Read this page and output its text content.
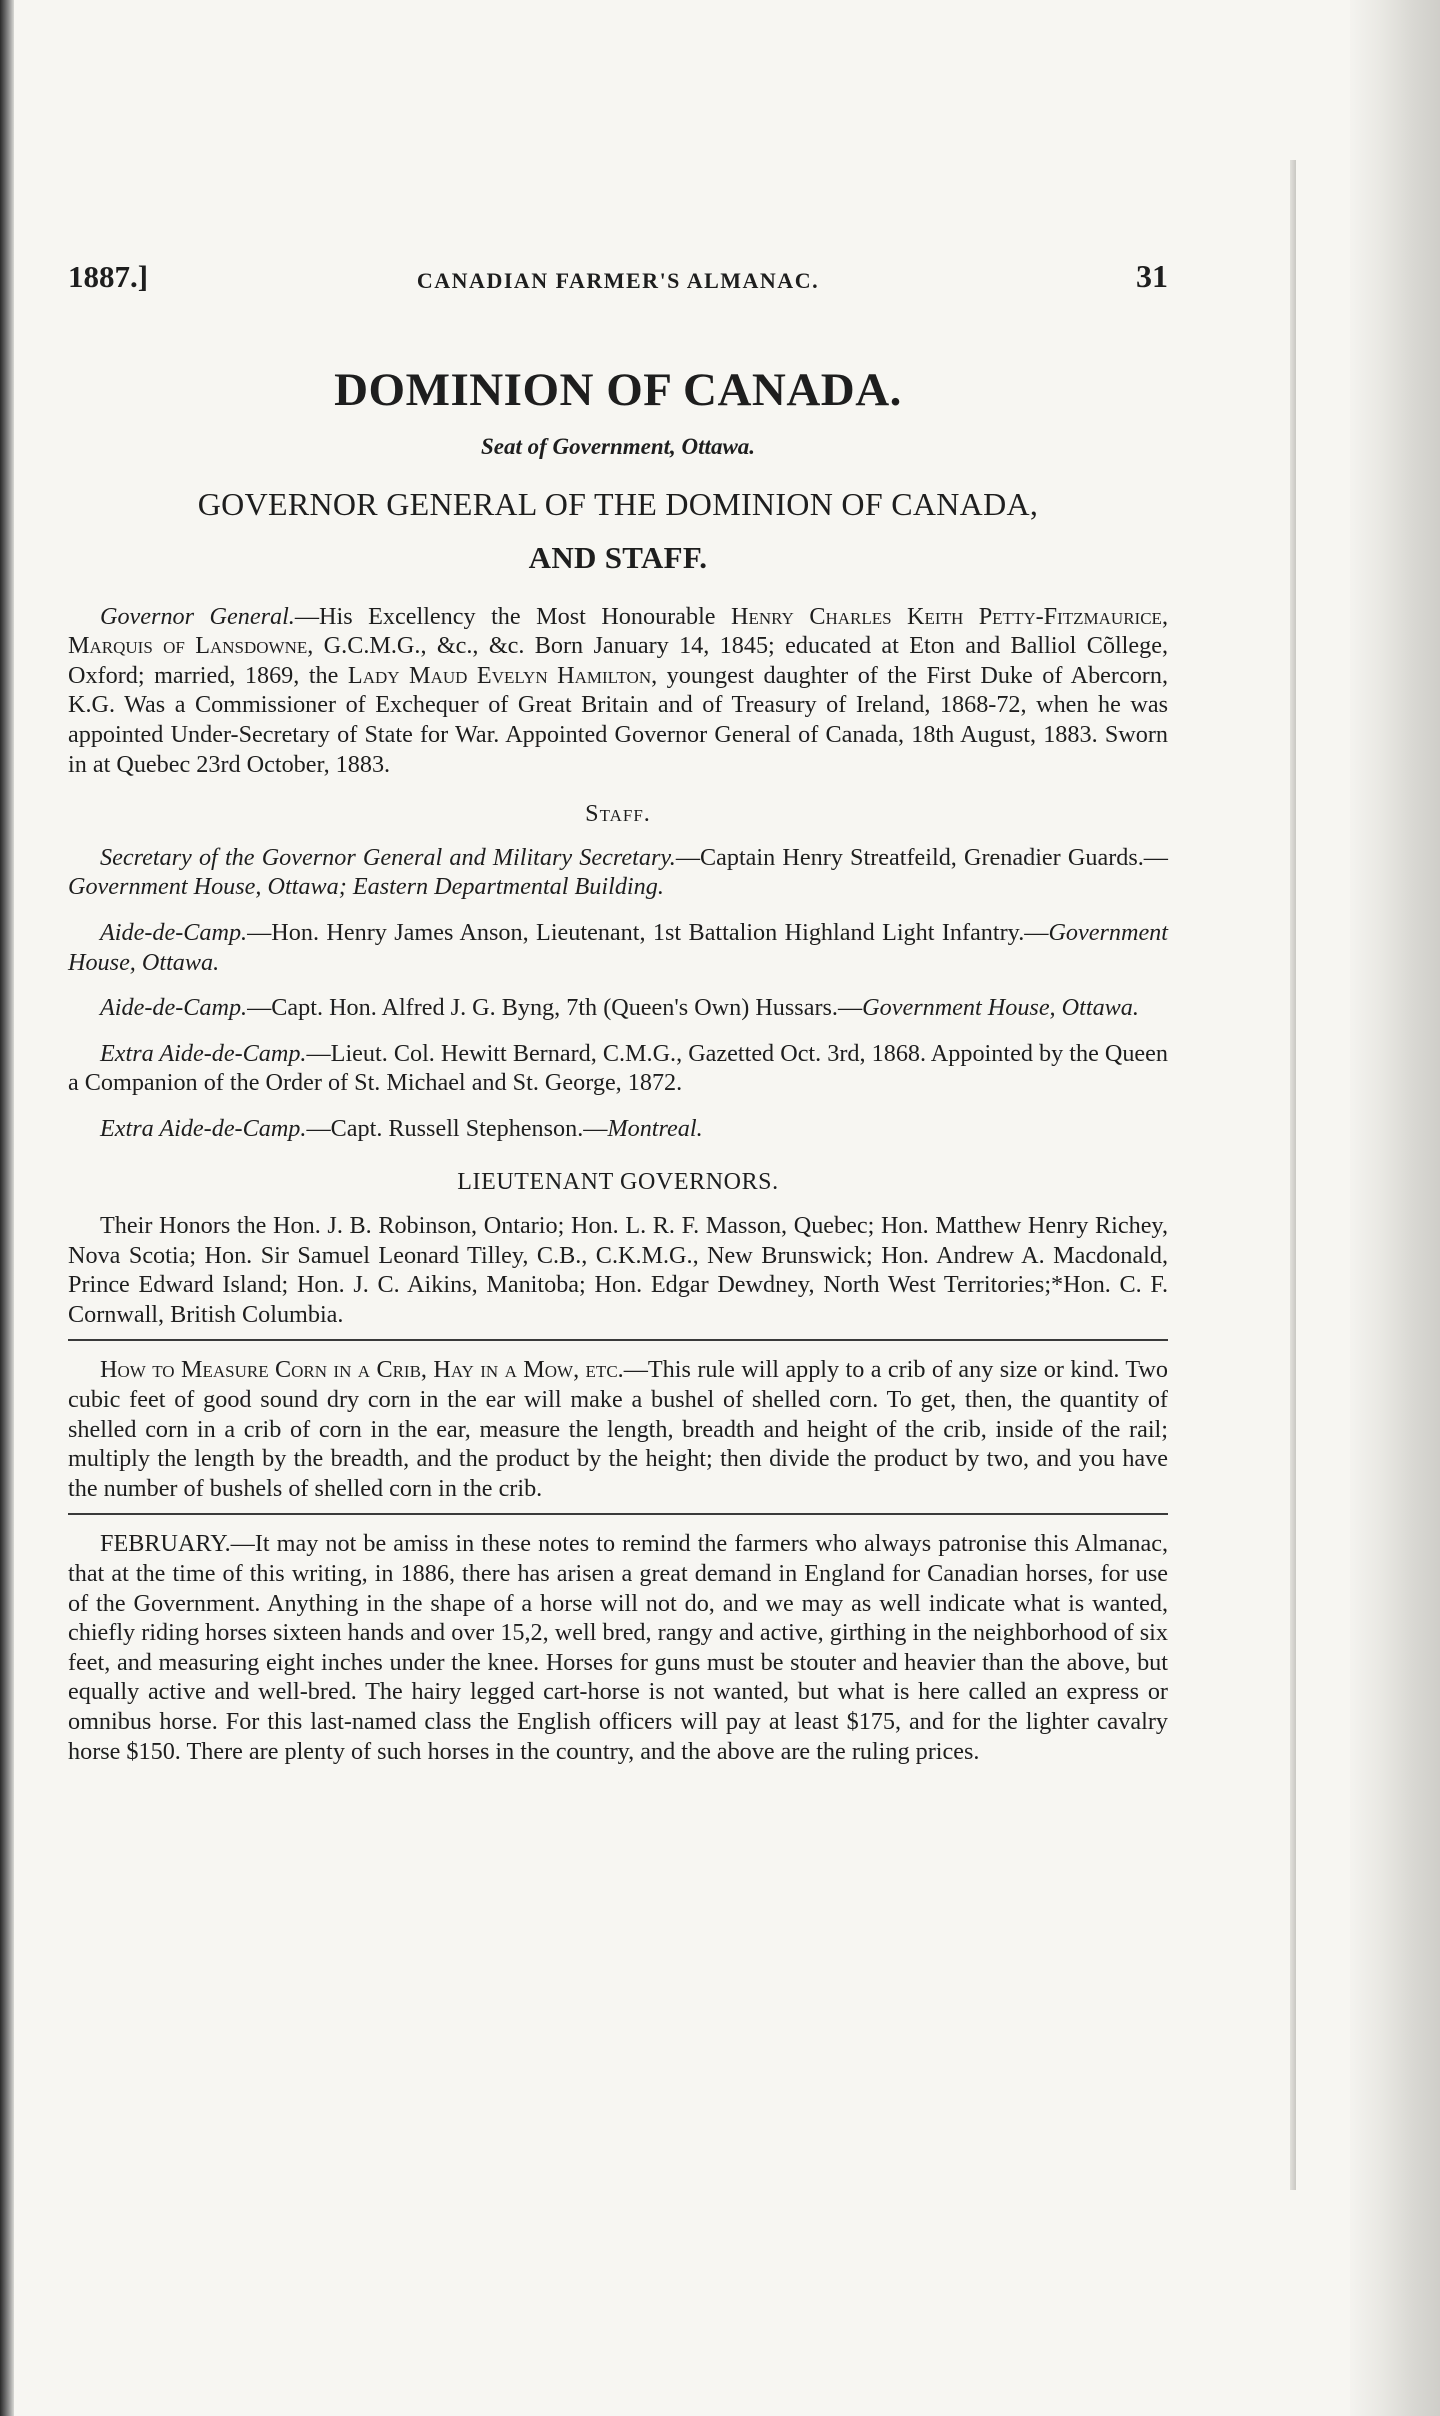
1887.]	CANADIAN FARMER'S ALMANAC.	31
DOMINION OF CANADA.
Seat of Government, Ottawa.
GOVERNOR GENERAL OF THE DOMINION OF CANADA,
AND STAFF.

Governor General.—His Excellency the Most Honourable Henry Charles Keith Petty-Fitzmaurice, Marquis of Lansdowne, G.C.M.G., &c., &c. Born January 14, 1845; educated at Eton and Balliol Cõllege, Oxford; married, 1869, the Lady Maud Evelyn Hamilton, youngest daughter of the First Duke of Abercorn, K.G. Was a Commissioner of Exchequer of Great Britain and of Treasury of Ireland, 1868-72, when he was appointed Under-Secretary of State for War. Appointed Governor General of Canada, 18th August, 1883. Sworn in at Quebec 23rd October, 1883.

Staff.

Secretary of the Governor General and Military Secretary.—Captain Henry Streatfeild, Grenadier Guards.—Government House, Ottawa; Eastern Departmental Building.

Aide-de-Camp.—Hon. Henry James Anson, Lieutenant, 1st Battalion Highland Light Infantry.—Government House, Ottawa.

Aide-de-Camp.—Capt. Hon. Alfred J. G. Byng, 7th (Queen's Own) Hussars.—Government House, Ottawa.

Extra Aide-de-Camp.—Lieut. Col. Hewitt Bernard, C.M.G., Gazetted Oct. 3rd, 1868. Appointed by the Queen a Companion of the Order of St. Michael and St. George, 1872.

Extra Aide-de-Camp.—Capt. Russell Stephenson.—Montreal.

LIEUTENANT GOVERNORS.

Their Honors the Hon. J. B. Robinson, Ontario; Hon. L. R. F. Masson, Quebec; Hon. Matthew Henry Richey, Nova Scotia; Hon. Sir Samuel Leonard Tilley, C.B., C.K.M.G., New Brunswick; Hon. Andrew A. Macdonald, Prince Edward Island; Hon. J. C. Aikins, Manitoba; Hon. Edgar Dewdney, North West Territories;*Hon. C. F. Cornwall, British Columbia.

How to Measure Corn in a Crib, Hay in a Mow, etc.—This rule will apply to a crib of any size or kind. Two cubic feet of good sound dry corn in the ear will make a bushel of shelled corn. To get, then, the quantity of shelled corn in a crib of corn in the ear, measure the length, breadth and height of the crib, inside of the rail; multiply the length by the breadth, and the product by the height; then divide the product by two, and you have the number of bushels of shelled corn in the crib.

FEBRUARY.—It may not be amiss in these notes to remind the farmers who always patronise this Almanac, that at the time of this writing, in 1886, there has arisen a great demand in England for Canadian horses, for use of the Government. Anything in the shape of a horse will not do, and we may as well indicate what is wanted, chiefly riding horses sixteen hands and over 15,2, well bred, rangy and active, girthing in the neighborhood of six feet, and measuring eight inches under the knee. Horses for guns must be stouter and heavier than the above, but equally active and well-bred. The hairy legged cart-horse is not wanted, but what is here called an express or omnibus horse. For this last-named class the English officers will pay at least $175, and for the lighter cavalry horse $150. There are plenty of such horses in the country, and the above are the ruling prices.
